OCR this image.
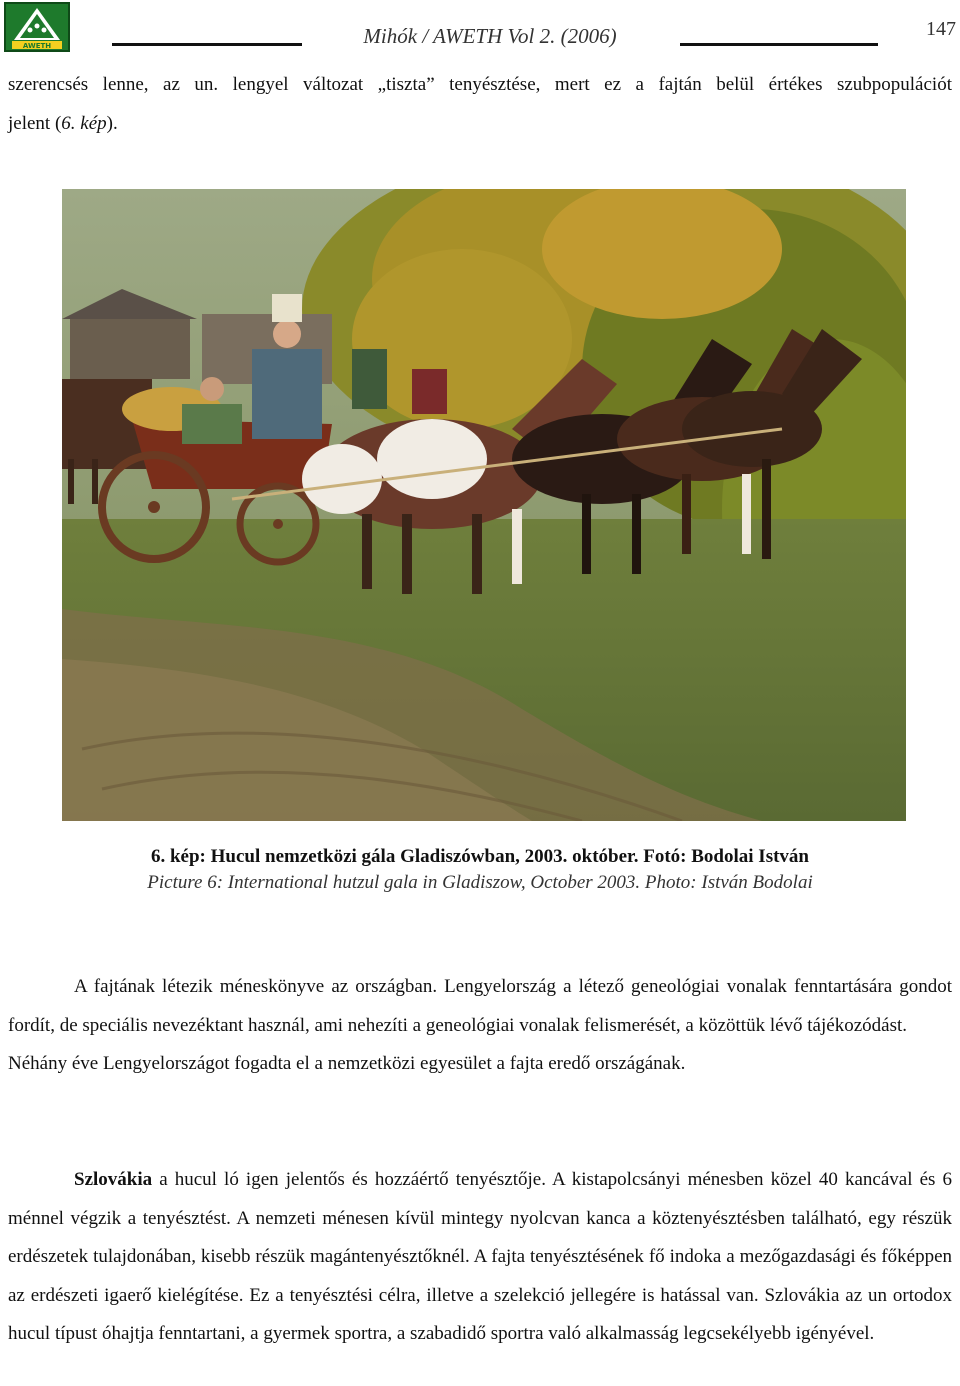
AWETH	Mihók / AWETH Vol 2. (2006)	147

szerencsés lenne, az un. lengyel változat „tiszta” tenyésztése, mert ez a fajtán belül értékes szubpopulációt

jelent (6. kép).

6. kép: Hucul nemzetközi gála Gladiszówban, 2003. október. Fotó: Bodolai István
Picture 6: International hutzul gala in Gladiszow, October 2003. Photo: István Bodolai

A fajtának létezik méneskönyve az országban. Lengyelország a létező geneológiai vonalak fenntartására gondot fordít, de speciális nevezéktant használ, ami nehezíti a geneológiai vonalak felismerését, a közöttük lévő tájékozódást.

Néhány éve Lengyelországot fogadta el a nemzetközi egyesület a fajta eredő országának.

Szlovákia a hucul ló igen jelentős és hozzáértő tenyésztője. A kistapolcsányi ménesben közel 40 kancával és 6 ménnel végzik a tenyésztést. A nemzeti ménesen kívül mintegy nyolcvan kanca a köztenyésztésben található, egy részük erdészetek tulajdonában, kisebb részük magántenyésztőknél. A fajta tenyésztésének fő indoka a mezőgazdasági és főképpen az erdészeti igaerő kielégítése. Ez a tenyésztési célra, illetve a szelekció jellegére is hatással van. Szlovákia az un ortodox hucul típust óhajtja fenntartani, a gyermek sportra, a szabadidő sportra való alkalmasság legcsekélyebb igényével.
